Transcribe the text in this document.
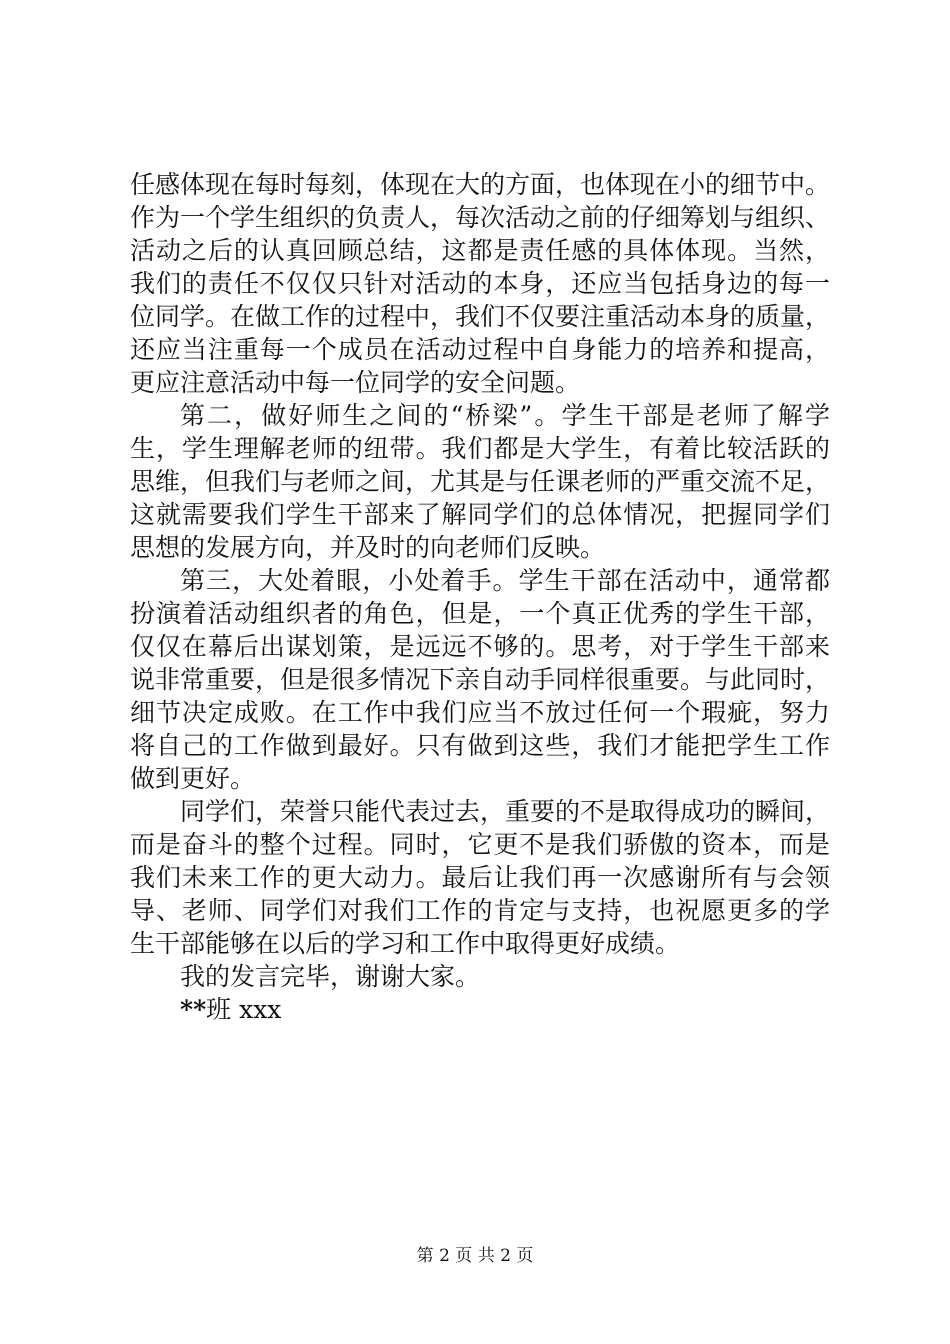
任感体现在每时每刻，体现在大的方面，也体现在小的细节中。
作为一个学生组织的负责人，每次活动之前的仔细筹划与组织、
活动之后的认真回顾总结，这都是责任感的具体体现。当然，
我们的责任不仅仅只针对活动的本身，还应当包括身边的每一
位同学。在做工作的过程中，我们不仅要注重活动本身的质量，
还应当注重每一个成员在活动过程中自身能力的培养和提高，
更应注意活动中每一位同学的安全问题。
第二，做好师生之间的“桥梁”。学生干部是老师了解学
生，学生理解老师的纽带。我们都是大学生，有着比较活跃的
思维，但我们与老师之间，尤其是与任课老师的严重交流不足，
这就需要我们学生干部来了解同学们的总体情况，把握同学们
思想的发展方向，并及时的向老师们反映。
第三，大处着眼，小处着手。学生干部在活动中，通常都
扮演着活动组织者的角色，但是，一个真正优秀的学生干部，
仅仅在幕后出谋划策，是远远不够的。思考，对于学生干部来
说非常重要，但是很多情况下亲自动手同样很重要。与此同时，
细节决定成败。在工作中我们应当不放过任何一个瑕疵，努力
将自己的工作做到最好。只有做到这些，我们才能把学生工作
做到更好。
同学们，荣誉只能代表过去，重要的不是取得成功的瞬间，
而是奋斗的整个过程。同时，它更不是我们骄傲的资本，而是
我们未来工作的更大动力。最后让我们再一次感谢所有与会领
导、老师、同学们对我们工作的肯定与支持，也祝愿更多的学
生干部能够在以后的学习和工作中取得更好成绩。
我的发言完毕，谢谢大家。
**班 xxx
第 2 页 共 2 页
